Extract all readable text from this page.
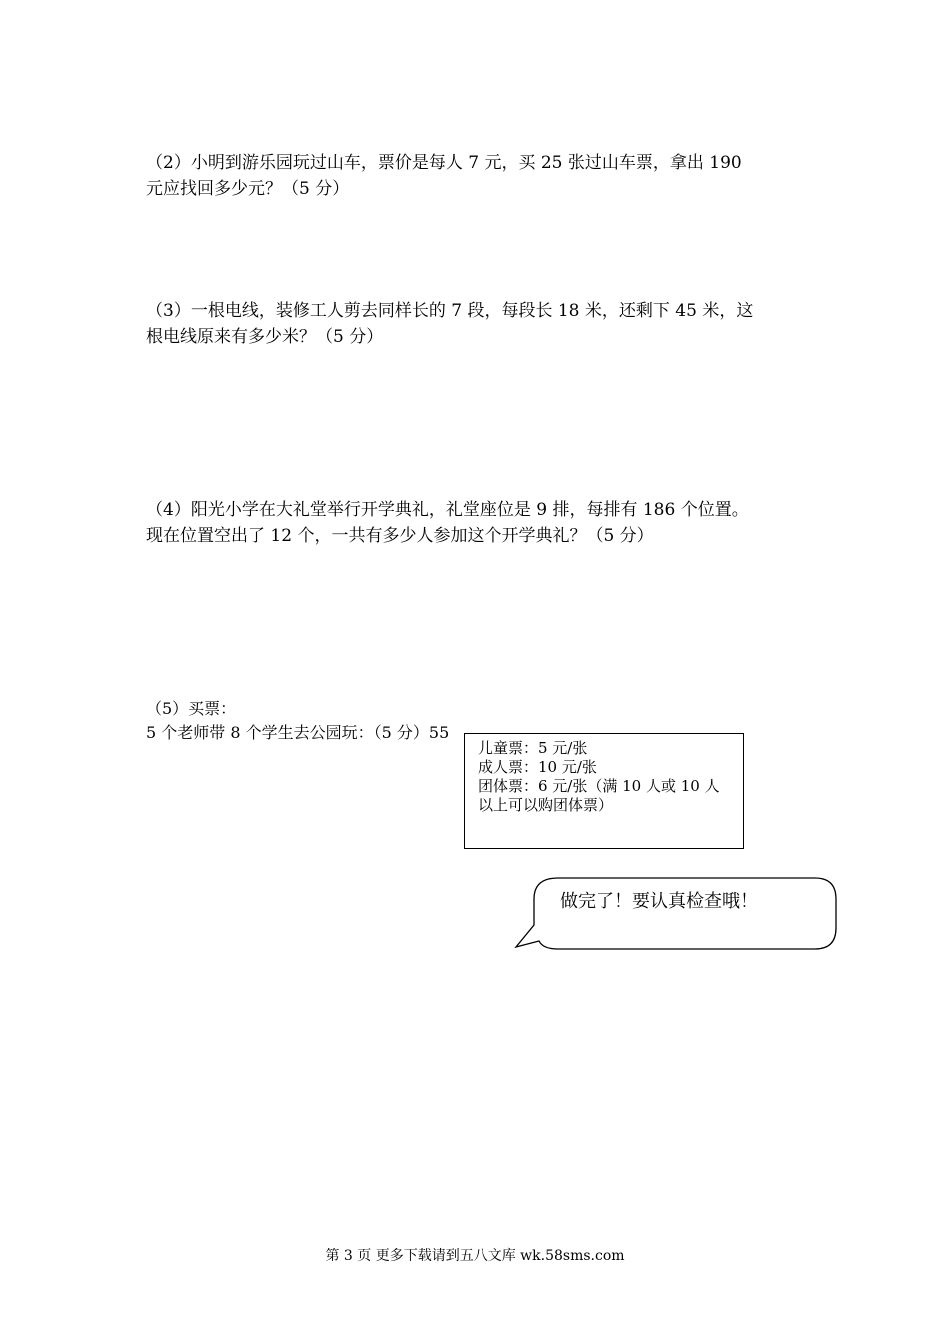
（2）小明到游乐园玩过山车，票价是每人 7 元，买 25 张过山车票，拿出 190
元应找回多少元？（5 分）
（3）一根电线，装修工人剪去同样长的 7 段，每段长 18 米，还剩下 45 米，这
根电线原来有多少米？（5 分）
（4）阳光小学在大礼堂举行开学典礼，礼堂座位是 9 排，每排有 186 个位置。
现在位置空出了 12 个，一共有多少人参加这个开学典礼？（5 分）
（5）买票：
5 个老师带 8 个学生去公园玩：（5 分）55
儿童票：5 元/张
成人票：10 元/张
团体票：6 元/张（满 10 人或 10 人
以上可以购团体票）
做完了！要认真检查哦！
第 3 页 更多下载请到五八文库 wk.58sms.com
